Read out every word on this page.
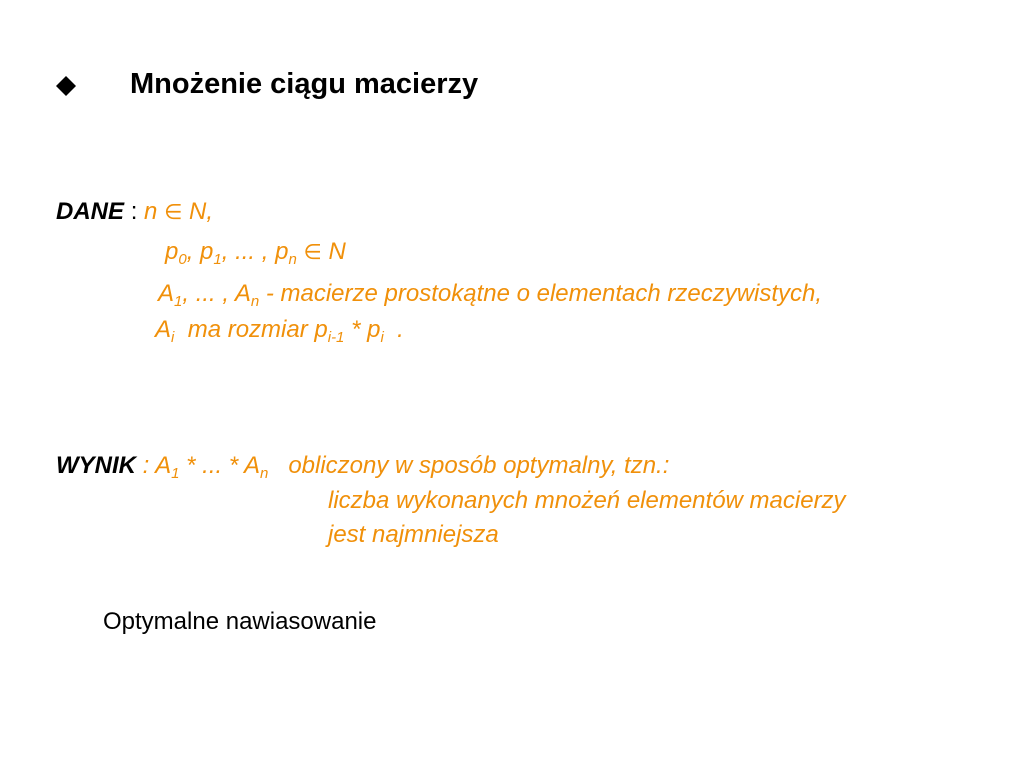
Mnożenie ciągu macierzy
DANE : n ∈ N,
$p_0$, $p_1$, ... , $p_n$ ∈ N
$A_1$, ... , $A_n$ - macierze prostokątne o elementach rzeczywistych,
$A_i$  ma rozmiar $p_{i-1} * p_i$  .
WYNIK : $A_1$ * ... * $A_n$   obliczony w sposób optymalny, tzn.:
liczba wykonanych mnożeń elementów macierzy
jest najmniejsza
Optymalne nawiasowanie
